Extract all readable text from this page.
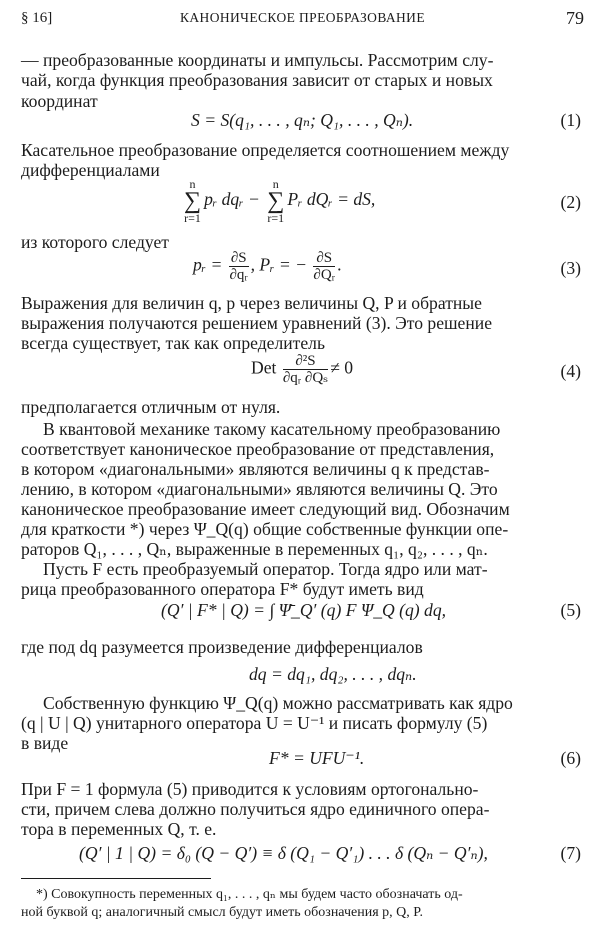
§ 16]	КАНОНИЧЕСКОЕ ПРЕОБРАЗОВАНИЕ	79
— преобразованные координаты и импульсы. Рассмотрим слу-
чай, когда функция преобразования зависит от старых и новых
координат
S = S(q₁, . . . , qₙ; Q₁, . . . , Qₙ).	(1)
Касательное преобразование определяется соотношением между
дифференциалами
n
∑
r=1
pᵣ dqᵣ −
n
∑
r=1
Pᵣ dQᵣ = dS,	(2)
из которого следует
pᵣ = $\frac{\partial S}{\text{∂qᵣ}}$ , Pᵣ = − $\frac{\partial S}{\text{∂Qᵣ}}$ .	(3)
Выражения для величин q, p через величины Q, P и обратные
выражения получаются решением уравнений (3). Это решение
всегда существует, так как определитель
Det $\frac{\text{∂²S}}{\text{∂qᵣ ∂Qₛ}} \ne 0$	(4)
предполагается отличным от нуля.
В квантовой механике такому касательному преобразованию
соответствует каноническое преобразование от представления,
в котором «диагональными» являются величины q к представ-
лению, в котором «диагональными» являются величины Q. Это
каноническое преобразование имеет следующий вид. Обозначим
для краткости *) через Ψ_Q(q) общие собственные функции опе-
раторов Q₁, . . . , Qₙ, выраженные в переменных q₁, q₂, . . . , qₙ.
Пусть F есть преобразуемый оператор. Тогда ядро или мат-
рица преобразованного оператора F* будут иметь вид
(Q′ | F* | Q) = ∫ Ψ̄_Q′ (q) F Ψ_Q (q) dq,	(5)
где под dq разумеется произведение дифференциалов
dq = dq₁, dq₂, . . . , dqₙ.
Собственную функцию Ψ_Q(q) можно рассматривать как ядро
(q | U | Q) унитарного оператора U = U⁻¹ и писать формулу (5)
в виде
F* = UFU⁻¹.	(6)
При F = 1 формула (5) приводится к условиям ортогонально-
сти, причем слева должно получиться ядро единичного опера-
тора в переменных Q, т. е.
(Q′ | 1 | Q) = δ₀ (Q − Q′) ≡ δ (Q₁ − Q′₁) . . . δ (Qₙ − Q′ₙ),	(7)
*) Совокупность переменных q₁, . . . , qₙ мы будем часто обозначать од-
ной буквой q; аналогичный смысл будут иметь обозначения p, Q, P.
